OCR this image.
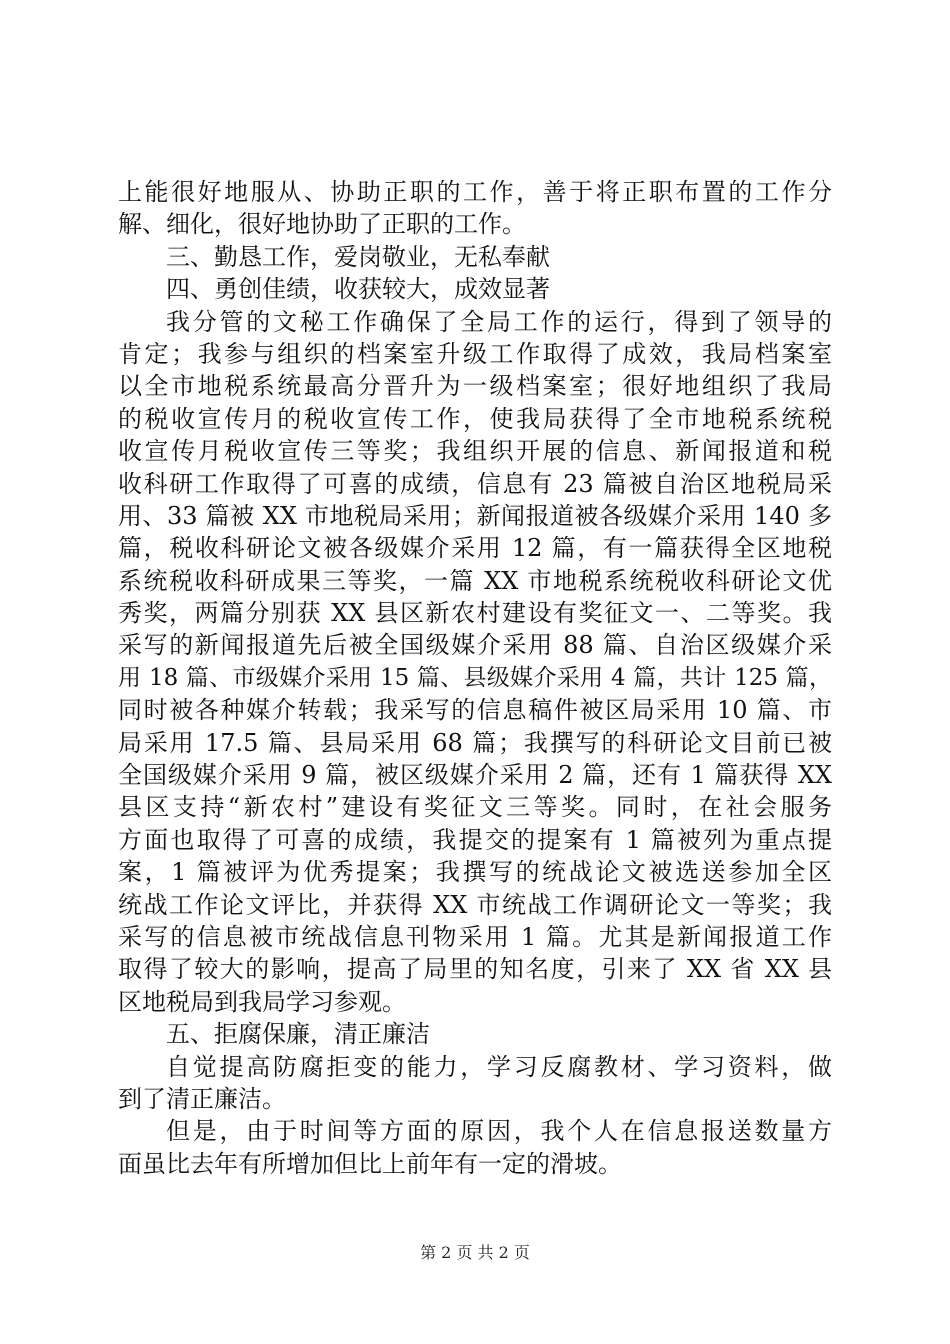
上能很好地服从、协助正职的工作，善于将正职布置的工作分
解、细化，很好地协助了正职的工作。
三、勤恳工作，爱岗敬业，无私奉献
四、勇创佳绩，收获较大，成效显著
我分管的文秘工作确保了全局工作的运行，得到了领导的
肯定；我参与组织的档案室升级工作取得了成效，我局档案室
以全市地税系统最高分晋升为一级档案室；很好地组织了我局
的税收宣传月的税收宣传工作，使我局获得了全市地税系统税
收宣传月税收宣传三等奖；我组织开展的信息、新闻报道和税
收科研工作取得了可喜的成绩，信息有 23 篇被自治区地税局采
用、33 篇被 XX 市地税局采用；新闻报道被各级媒介采用 140 多
篇，税收科研论文被各级媒介采用 12 篇，有一篇获得全区地税
系统税收科研成果三等奖，一篇 XX 市地税系统税收科研论文优
秀奖，两篇分别获 XX 县区新农村建设有奖征文一、二等奖。我
采写的新闻报道先后被全国级媒介采用 88 篇、自治区级媒介采
用 18 篇、市级媒介采用 15 篇、县级媒介采用 4 篇，共计 125 篇，
同时被各种媒介转载；我采写的信息稿件被区局采用 10 篇、市
局采用 17.5 篇、县局采用 68 篇；我撰写的科研论文目前已被
全国级媒介采用 9 篇，被区级媒介采用 2 篇，还有 1 篇获得 XX
县区支持“新农村”建设有奖征文三等奖。同时，在社会服务
方面也取得了可喜的成绩，我提交的提案有 1 篇被列为重点提
案，1 篇被评为优秀提案；我撰写的统战论文被选送参加全区
统战工作论文评比，并获得 XX 市统战工作调研论文一等奖；我
采写的信息被市统战信息刊物采用 1 篇。尤其是新闻报道工作
取得了较大的影响，提高了局里的知名度，引来了 XX 省 XX 县
区地税局到我局学习参观。
五、拒腐保廉，清正廉洁
自觉提高防腐拒变的能力，学习反腐教材、学习资料，做
到了清正廉洁。
但是，由于时间等方面的原因，我个人在信息报送数量方
面虽比去年有所增加但比上前年有一定的滑坡。
第 2 页 共 2 页
